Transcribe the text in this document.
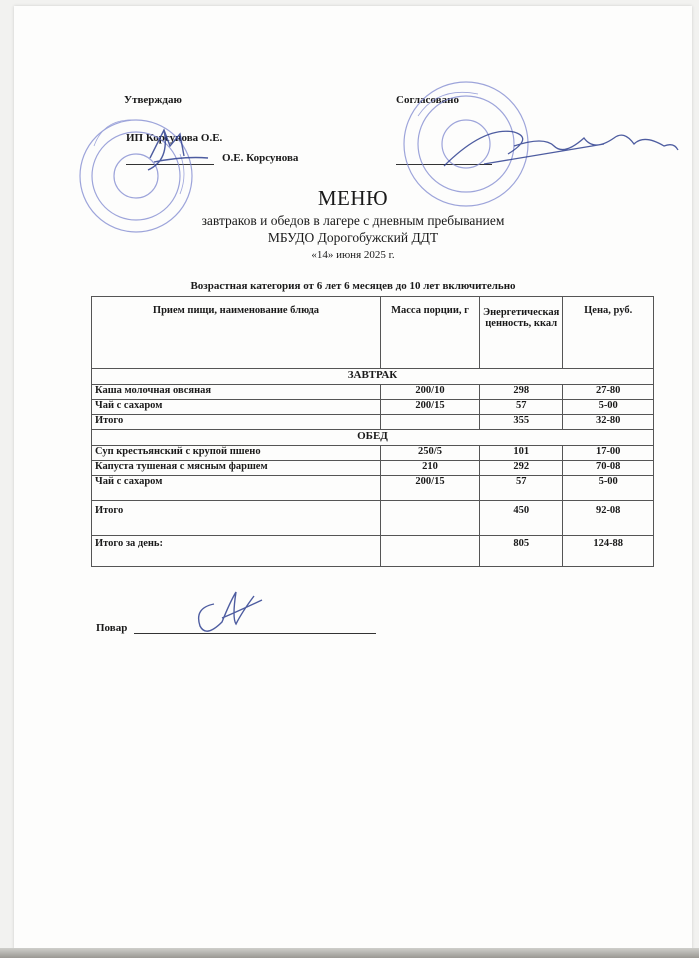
Утверждаю	Согласовано
ИП Корсунова О.Е.
О.Е. Корсунова
МЕНЮ
завтраков и обедов в лагере с дневным пребыванием
МБУДО Дорогобужский ДДТ
«14» июня 2025 г.
Возрастная категория от 6 лет 6 месяцев до 10 лет включительно
Прием пищи, наименование блюда	Масса порции, г	Энергетическая ценность, ккал	Цена, руб.
ЗАВТРАК			
Каша молочная овсяная	200/10	298	27-80
Чай с сахаром	200/15	57	5-00
Итого		355	32-80
ОБЕД			
Суп крестьянский с крупой пшено	250/5	101	17-00
Капуста тушеная с мясным фаршем	210	292	70-08
Чай с сахаром	200/15	57	5-00
Итого		450	92-08
Итого за день:		805	124-88
Повар
